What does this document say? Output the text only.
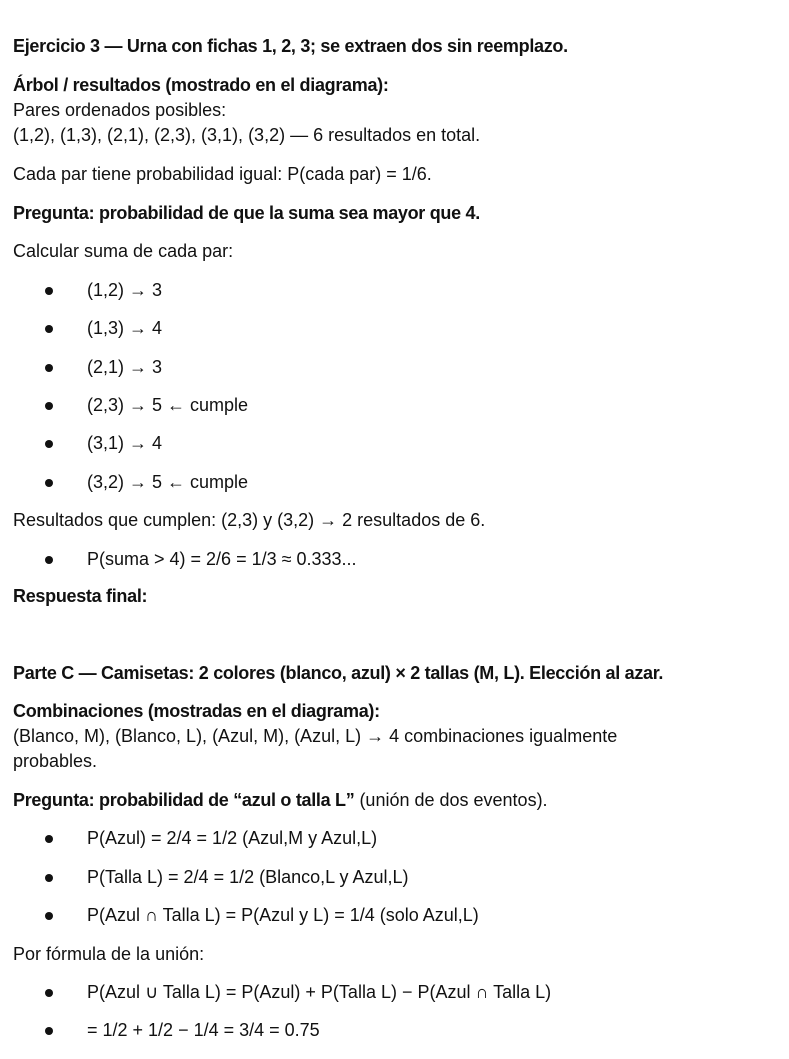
Ejercicio 3 — Urna con fichas 1, 2, 3; se extraen dos sin reemplazo.
Árbol / resultados (mostrado en el diagrama):
Pares ordenados posibles:
(1,2), (1,3), (2,1), (2,3), (3,1), (3,2) — 6 resultados en total.
Cada par tiene probabilidad igual: P(cada par) = 1/6.
Pregunta: probabilidad de que la suma sea mayor que 4.
Calcular suma de cada par:
(1,2) → 3
(1,3) → 4
(2,1) → 3
(2,3) → 5 ← cumple
(3,1) → 4
(3,2) → 5 ← cumple
Resultados que cumplen: (2,3) y (3,2) → 2 resultados de 6.
P(suma > 4) = 2/6 = 1/3 ≈ 0.333...
Respuesta final:
Parte C — Camisetas: 2 colores (blanco, azul) × 2 tallas (M, L). Elección al azar.
Combinaciones (mostradas en el diagrama):
(Blanco, M), (Blanco, L), (Azul, M), (Azul, L) → 4 combinaciones igualmente
probables.
Pregunta: probabilidad de “azul o talla L” (unión de dos eventos).
P(Azul) = 2/4 = 1/2 (Azul,M y Azul,L)
P(Talla L) = 2/4 = 1/2 (Blanco,L y Azul,L)
P(Azul ∩ Talla L) = P(Azul y L) = 1/4 (solo Azul,L)
Por fórmula de la unión:
P(Azul ∪ Talla L) = P(Azul) + P(Talla L) − P(Azul ∩ Talla L)
= 1/2 + 1/2 − 1/4 = 3/4 = 0.75
